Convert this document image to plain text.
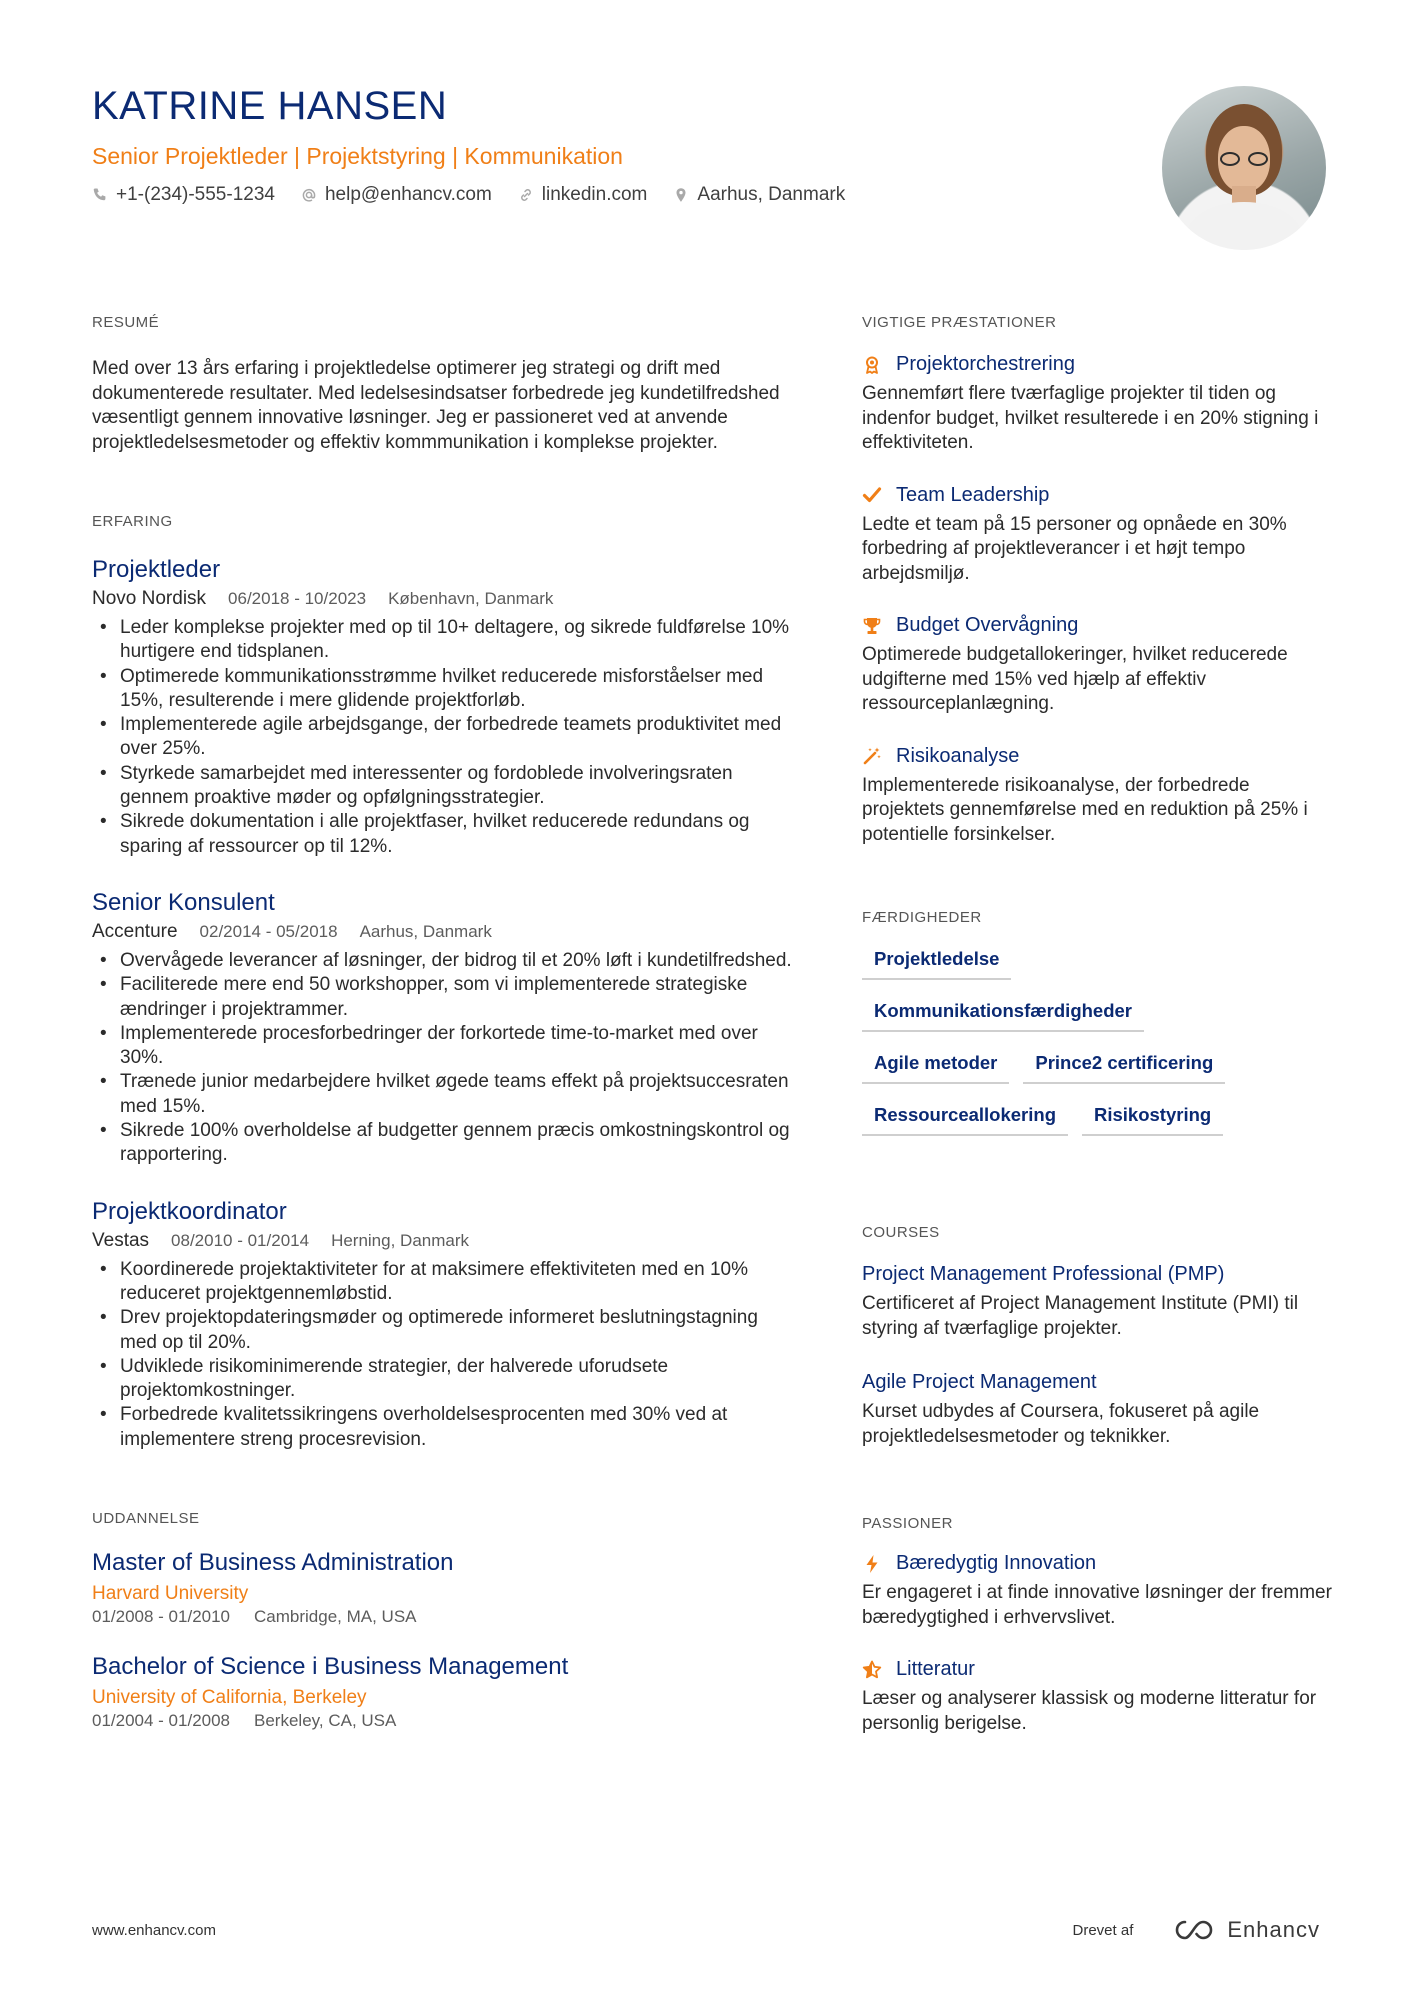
KATRINE HANSEN
Senior Projektleder | Projektstyring | Kommunikation
+1-(234)-555-1234	help@enhancv.com	linkedin.com	Aarhus, Danmark
RESUMÉ
Med over 13 års erfaring i projektledelse optimerer jeg strategi og drift med dokumenterede resultater. Med ledelsesindsatser forbedrede jeg kundetilfredshed væsentligt gennem innovative løsninger. Jeg er passioneret ved at anvende projektledelsesmetoder og effektiv kommmunikation i komplekse projekter.
ERFARING
Projektleder
Novo Nordisk 06/2018 - 10/2023 København, Danmark
• Leder komplekse projekter med op til 10+ deltagere, og sikrede fuldførelse 10% hurtigere end tidsplanen.
• Optimerede kommunikationsstrømme hvilket reducerede misforståelser med 15%, resulterende i mere glidende projektforløb.
• Implementerede agile arbejdsgange, der forbedrede teamets produktivitet med over 25%.
• Styrkede samarbejdet med interessenter og fordoblede involveringsraten gennem proaktive møder og opfølgningsstrategier.
• Sikrede dokumentation i alle projektfaser, hvilket reducerede redundans og sparing af ressourcer op til 12%.
Senior Konsulent
Accenture 02/2014 - 05/2018 Aarhus, Danmark
• Overvågede leverancer af løsninger, der bidrog til et 20% løft i kundetilfredshed.
• Faciliterede mere end 50 workshopper, som vi implementerede strategiske ændringer i projektrammer.
• Implementerede procesforbedringer der forkortede time-to-market med over 30%.
• Trænede junior medarbejdere hvilket øgede teams effekt på projektsuccesraten med 15%.
• Sikrede 100% overholdelse af budgetter gennem præcis omkostningskontrol og rapportering.
Projektkoordinator
Vestas 08/2010 - 01/2014 Herning, Danmark
• Koordinerede projektaktiviteter for at maksimere effektiviteten med en 10% reduceret projektgennemløbstid.
• Drev projektopdateringsmøder og optimerede informeret beslutningstagning med op til 20%.
• Udviklede risikominimerende strategier, der halverede uforudsete projektomkostninger.
• Forbedrede kvalitetssikringens overholdelsesprocenten med 30% ved at implementere streng procesrevision.
UDDANNELSE
Master of Business Administration
Harvard University
01/2008 - 01/2010 Cambridge, MA, USA
Bachelor of Science i Business Management
University of California, Berkeley
01/2004 - 01/2008 Berkeley, CA, USA
VIGTIGE PRÆSTATIONER
Projektorchestrering
Gennemført flere tværfaglige projekter til tiden og indenfor budget, hvilket resulterede i en 20% stigning i effektiviteten.
Team Leadership
Ledte et team på 15 personer og opnåede en 30% forbedring af projektleverancer i et højt tempo arbejdsmiljø.
Budget Overvågning
Optimerede budgetallokeringer, hvilket reducerede udgifterne med 15% ved hjælp af effektiv ressourceplanlægning.
Risikoanalyse
Implementerede risikoanalyse, der forbedrede projektets gennemførelse med en reduktion på 25% i potentielle forsinkelser.
FÆRDIGHEDER
Projektledelse
Kommunikationsfærdigheder
Agile metoder	Prince2 certificering
Ressourceallokering	Risikostyring
COURSES
Project Management Professional (PMP)
Certificeret af Project Management Institute (PMI) til styring af tværfaglige projekter.
Agile Project Management
Kurset udbydes af Coursera, fokuseret på agile projektledelsesmetoder og teknikker.
PASSIONER
Bæredygtig Innovation
Er engageret i at finde innovative løsninger der fremmer bæredygtighed i erhvervslivet.
Litteratur
Læser og analyserer klassisk og moderne litteratur for personlig berigelse.
www.enhancv.com	Drevet af	Enhancv
